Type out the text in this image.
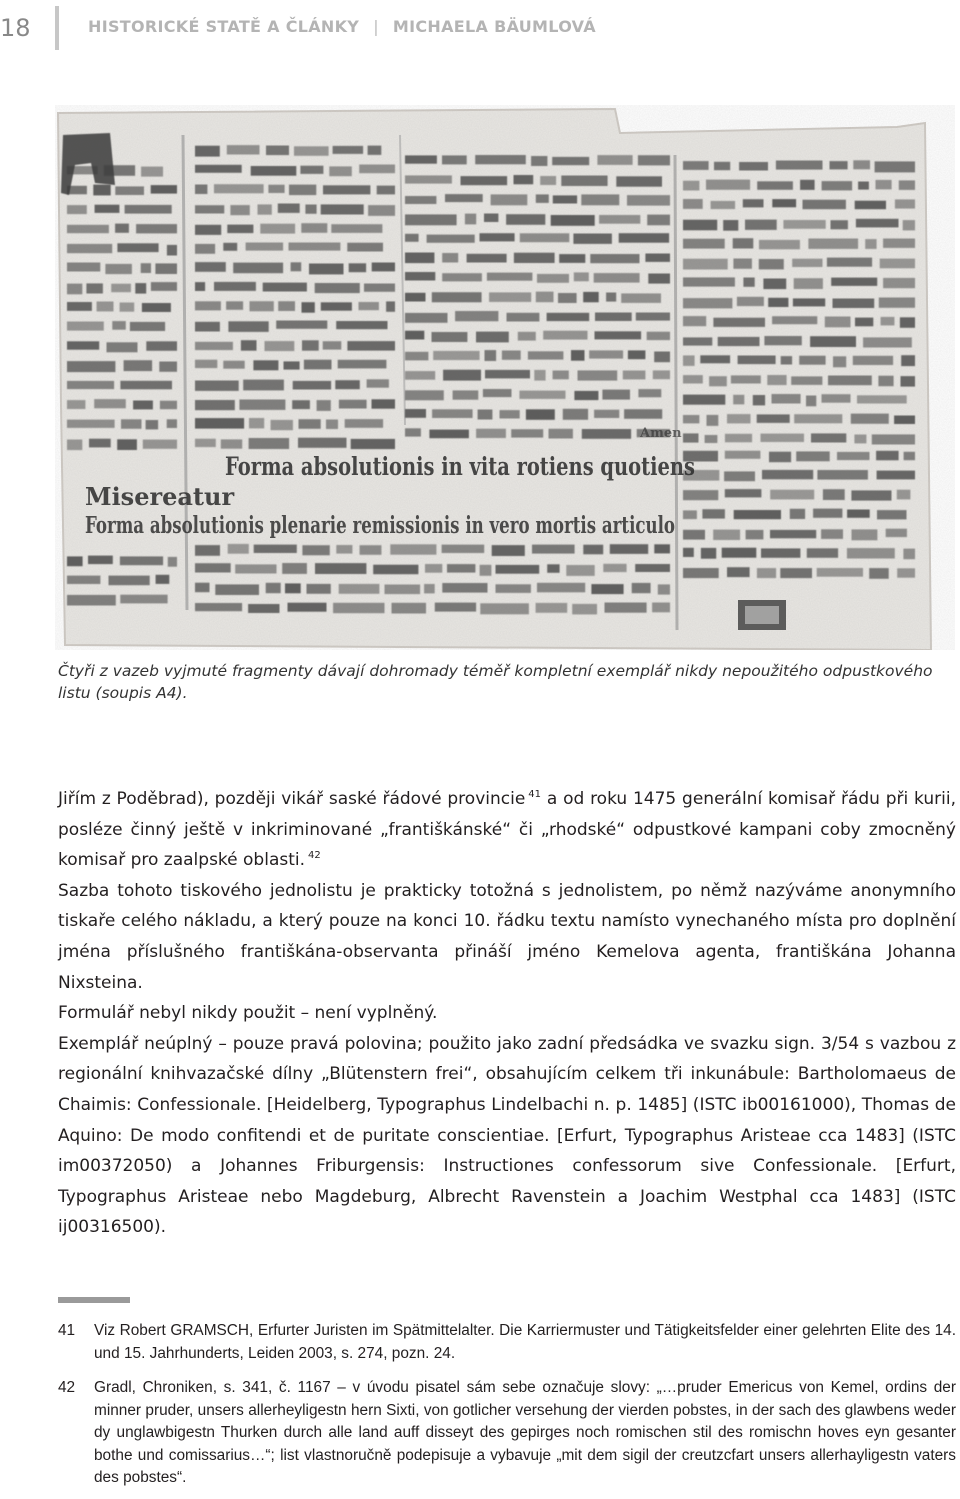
18	HISTORICKÉ STATĚ A ČLÁNKY | MICHAELA BÄUMLOVÁ
Forma absolutionis in vita rotiens quotiens
Misereatur
Forma absolutionis plenarie remissionis in vero mortis articulo
Amen
Čtyři z vazeb vyjmuté fragmenty dávají dohromady téměř kompletní exemplář nikdy nepoužitého odpustkového listu (soupis A4).

Jiřím z Poděbrad), později vikář saské řádové provincie $^{41}$ a od roku 1475 generální komisař řádu při kurii, posléze činný ještě v inkriminované „františkánské“ či „rhodské“ odpustkové kampani coby zmocněný komisař pro zaalpské oblasti. $^{42}$

Sazba tohoto tiskového jednolistu je prakticky totožná s jednolistem, po němž nazýváme anonymního tiskaře celého nákladu, a který pouze na konci 10. řádku textu namísto vynechaného místa pro doplnění jména příslušného františkána-observanta přináší jméno Kemelova agenta, františkána Johanna Nixsteina.

Formulář nebyl nikdy použit – není vyplněný.

Exemplář neúplný – pouze pravá polovina; použito jako zadní předsádka ve svazku sign. 3/54 s vazbou z regionální knihvazačské dílny „Blütenstern frei“, obsahujícím celkem tři inkunábule: Bartholomaeus de Chaimis: Confessionale. [Heidelberg, Typographus Lindelbachi n. p. 1485] (ISTC ib00161000), Thomas de Aquino: De modo confitendi et de puritate conscientiae. [Erfurt, Typographus Aristeae cca 1483] (ISTC im00372050) a Johannes Friburgensis: Instructiones confessorum sive Confessionale. [Erfurt, Typographus Aristeae nebo Magdeburg, Albrecht Ravenstein a Joachim Westphal cca 1483] (ISTC ij00316500).

41	Viz Robert GRAMSCH, Erfurter Juristen im Spätmittelalter. Die Karriermuster und Tätigkeitsfelder einer gelehrten Elite des 14. und 15. Jahrhunderts, Leiden 2003, s. 274, pozn. 24.
42	Gradl, Chroniken, s. 341, č. 1167 – v úvodu pisatel sám sebe označuje slovy: „…pruder Emericus von Kemel, ordins der minner pruder, unsers allerheyligestn hern Sixti, von gotlicher versehung der vierden pobstes, in der sach des glawbens weder dy unglawbigestn Thurken durch alle land auff disseyt des gepirges noch romischen stil des romischn hoves eyn gesanter bothe und comissarius…“; list vlastnoručně podepisuje a vybavuje „mit dem sigil der creutzcfart unsers allerhayligestn vaters des pobstes“.
